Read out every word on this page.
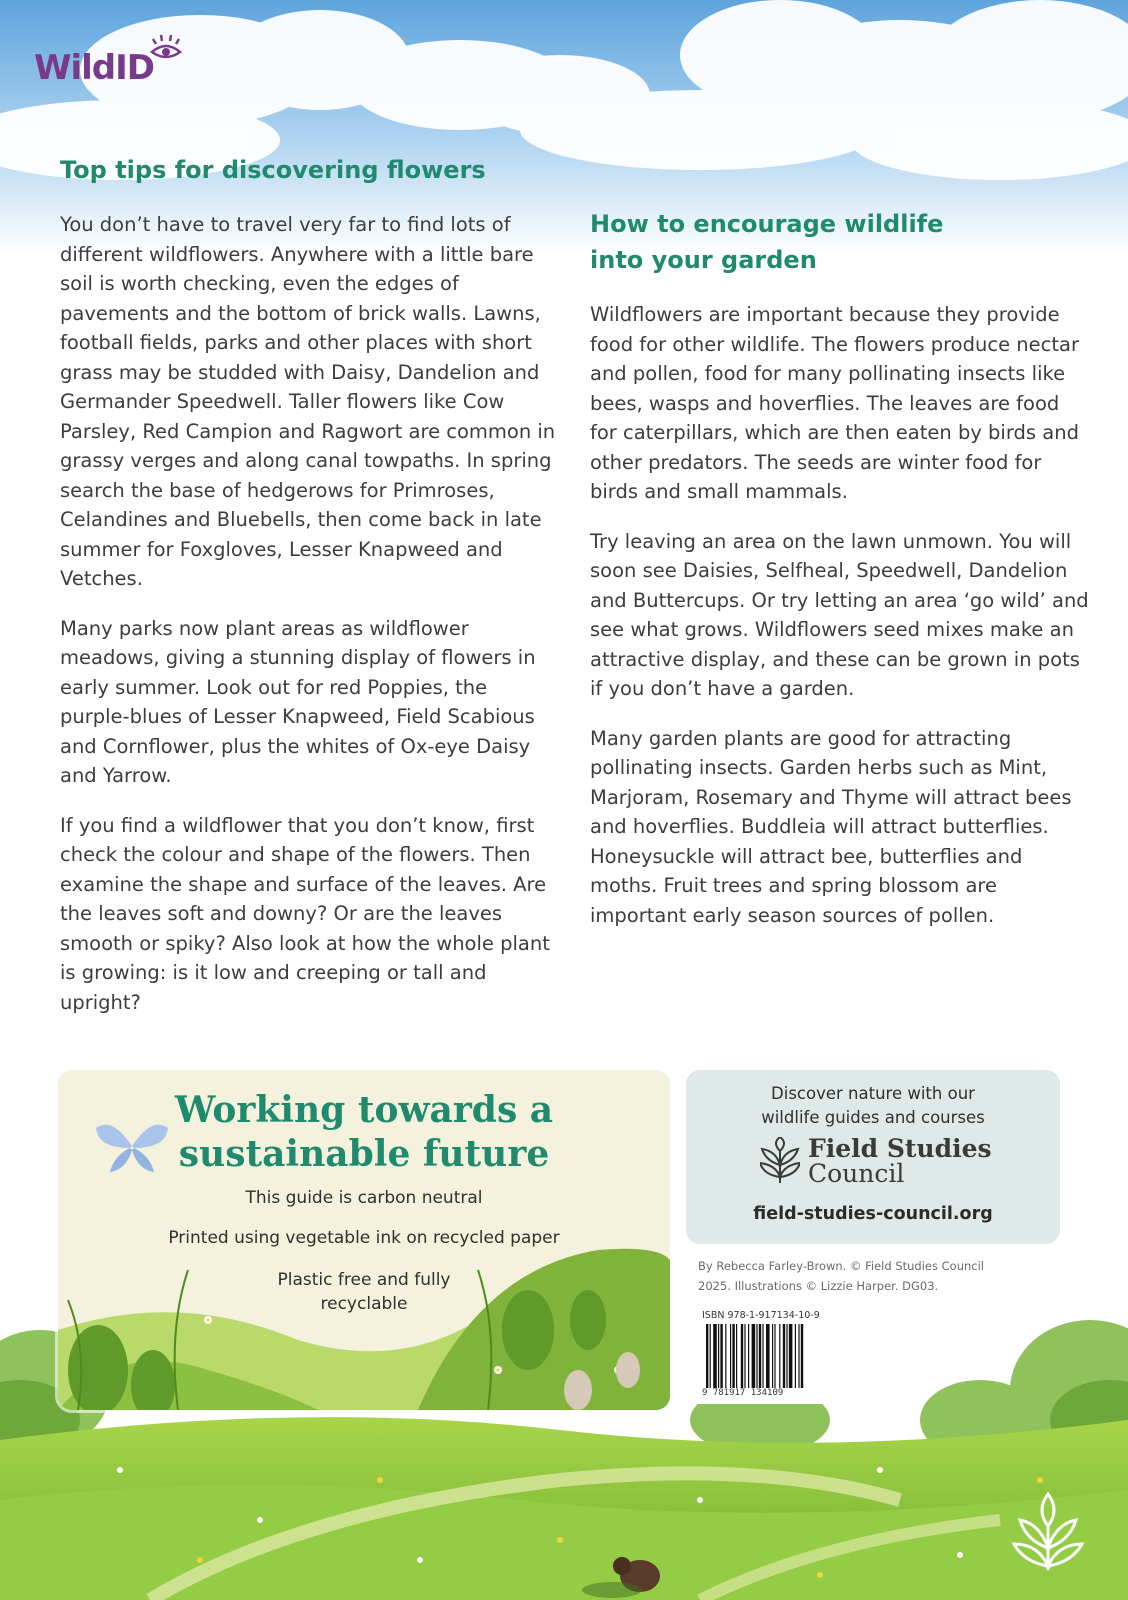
WildID
Top tips for discovering flowers

You don’t have to travel very far to find lots of different wildflowers. Anywhere with a little bare soil is worth checking, even the edges of pavements and the bottom of brick walls. Lawns, football fields, parks and other places with short grass may be studded with Daisy, Dandelion and Germander Speedwell. Taller flowers like Cow Parsley, Red Campion and Ragwort are common in grassy verges and along canal towpaths. In spring search the base of hedgerows for Primroses, Celandines and Bluebells, then come back in late summer for Foxgloves, Lesser Knapweed and Vetches.

Many parks now plant areas as wildflower meadows, giving a stunning display of flowers in early summer. Look out for red Poppies, the purple-blues of Lesser Knapweed, Field Scabious and Cornflower, plus the whites of Ox-eye Daisy and Yarrow.

If you find a wildflower that you don’t know, first check the colour and shape of the flowers. Then examine the shape and surface of the leaves. Are the leaves soft and downy? Or are the leaves smooth or spiky? Also look at how the whole plant is growing: is it low and creeping or tall and upright?

How to encourage wildlife
into your garden

Wildflowers are important because they provide food for other wildlife. The flowers produce nectar and pollen, food for many pollinating insects like bees, wasps and hoverflies. The leaves are food for caterpillars, which are then eaten by birds and other predators. The seeds are winter food for birds and small mammals.

Try leaving an area on the lawn unmown. You will soon see Daisies, Selfheal, Speedwell, Dandelion and Buttercups. Or try letting an area ‘go wild’ and see what grows. Wildflowers seed mixes make an attractive display, and these can be grown in pots if you don’t have a garden.

Many garden plants are good for attracting pollinating insects. Garden herbs such as Mint, Marjoram, Rosemary and Thyme will attract bees and hoverflies. Buddleia will attract butterflies. Honeysuckle will attract bee, butterflies and moths. Fruit trees and spring blossom are important early season sources of pollen.

Working towards a
sustainable future
This guide is carbon neutral
Printed using vegetable ink on recycled paper
Plastic free and fully
recyclable
Discover nature with our
wildlife guides and courses
Field Studies
Council
field-studies-council.org
By Rebecca Farley-Brown. © Field Studies Council
2025. Illustrations © Lizzie Harper. DG03.
ISBN 978-1-917134-10-9
9 781917 134109
